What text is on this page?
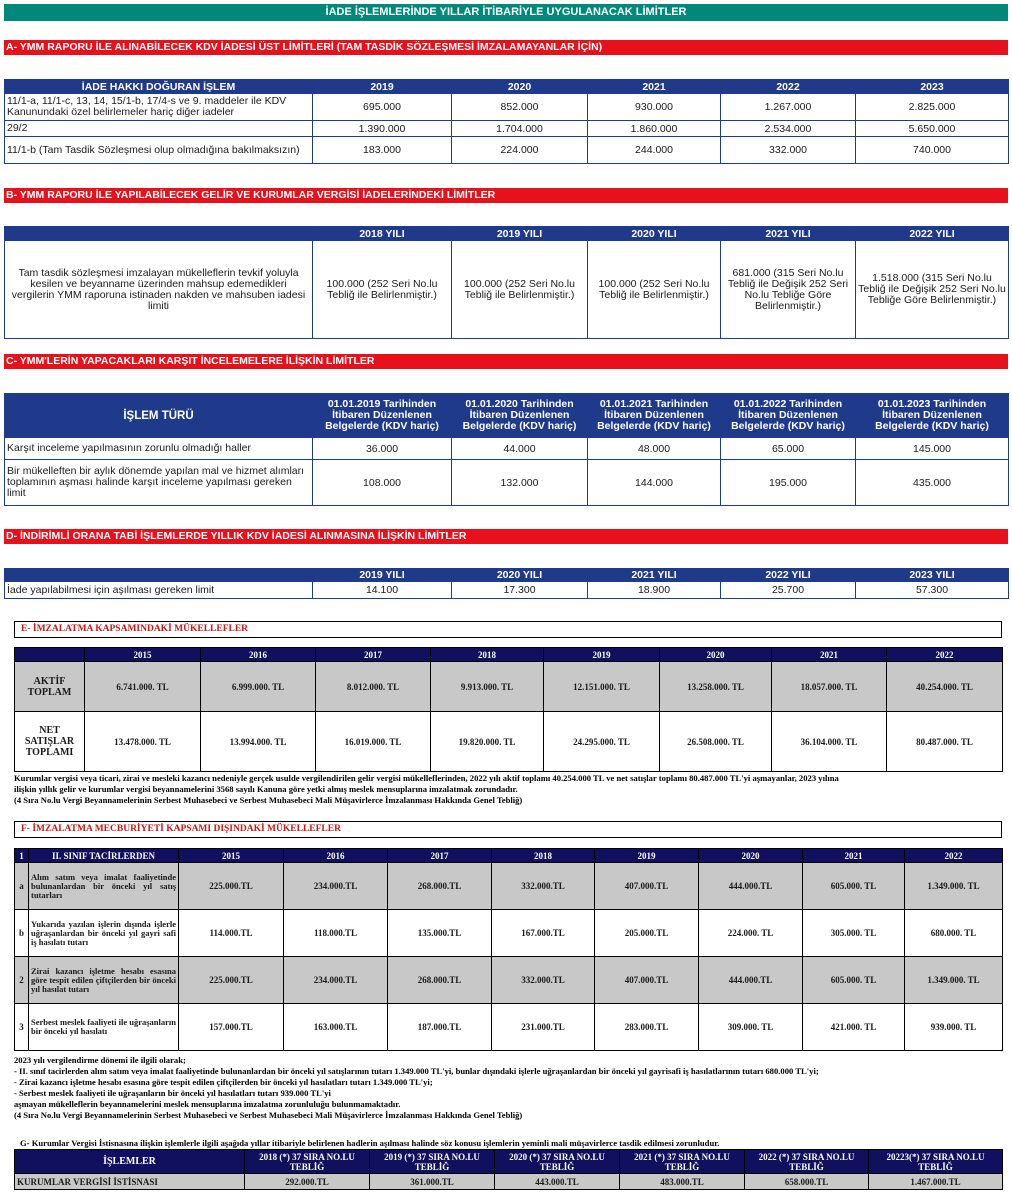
İADE İŞLEMLERİNDE YILLAR İTİBARİYLE UYGULANACAK LİMİTLER
A- YMM RAPORU İLE ALINABİLECEK KDV İADESİ ÜST LİMİTLERİ (TAM TASDİK SÖZLEŞMESİ İMZALAMAYANLAR İÇİN)
İADE HAKKI DOĞURAN İŞLEM	2019	2020	2021	2022	2023
11/1-a, 11/1-c, 13, 14, 15/1-b, 17/4-s ve 9. maddeler ile KDV Kanunundaki özel belirlemeler hariç diğer iadeler	695.000	852.000	930.000	1.267.000	2.825.000
29/2	1.390.000	1.704.000	1.860.000	2.534.000	5.650.000
11/1-b (Tam Tasdik Sözleşmesi olup olmadığına bakılmaksızın)	183.000	224.000	244.000	332.000	740.000
B- YMM RAPORU İLE YAPILABİLECEK GELİR VE KURUMLAR VERGİSİ İADELERİNDEKİ LİMİTLER
	2018 YILI	2019 YILI	2020 YILI	2021 YILI	2022 YILI
Tam tasdik sözleşmesi imzalayan mükelleflerin tevkif yoluyla kesilen ve beyanname üzerinden mahsup edemedikleri vergilerin YMM raporuna istinaden nakden ve mahsuben iadesi limiti	100.000 (252 Seri No.lu Tebliğ ile Belirlenmiştir.)	100.000 (252 Seri No.lu Tebliğ ile Belirlenmiştir.)	100.000 (252 Seri No.lu Tebliğ ile Belirlenmiştir.)	681.000 (315 Seri No.lu Tebliğ ile Değişik 252 Seri No.lu Tebliğe Göre Belirlenmiştir.)	1.518.000 (315 Seri No.lu Tebliğ ile Değişik 252 Seri No.lu Tebliğe Göre Belirlenmiştir.)
C- YMM'LERİN YAPACAKLARI KARŞIT İNCELEMELERE İLİŞKİN LİMİTLER
İŞLEM TÜRÜ	01.01.2019 Tarihinden İtibaren Düzenlenen Belgelerde (KDV hariç)	01.01.2020 Tarihinden İtibaren Düzenlenen Belgelerde (KDV hariç)	01.01.2021 Tarihinden İtibaren Düzenlenen Belgelerde (KDV hariç)	01.01.2022 Tarihinden İtibaren Düzenlenen Belgelerde (KDV hariç)	01.01.2023 Tarihinden İtibaren Düzenlenen Belgelerde (KDV hariç)
Karşıt inceleme yapılmasının zorunlu olmadığı haller	36.000	44.000	48.000	65.000	145.000
Bir mükelleften bir aylık dönemde yapılan mal ve hizmet alımları toplamının aşması halinde karşıt inceleme yapılması gereken limit	108.000	132.000	144.000	195.000	435.000
D- İNDİRİMLİ ORANA TABİ İŞLEMLERDE YILLIK KDV İADESİ ALINMASINA İLİŞKİN LİMİTLER
	2019 YILI	2020 YILI	2021 YILI	2022 YILI	2023 YILI
İade yapılabilmesi için aşılması gereken limit	14.100	17.300	18.900	25.700	57.300
E- İMZALATMA KAPSAMINDAKİ MÜKELLEFLER
	2015	2016	2017	2018	2019	2020	2021	2022
AKTİF TOPLAM	6.741.000. TL	6.999.000. TL	8.012.000. TL	9.913.000. TL	12.151.000. TL	13.258.000. TL	18.057.000. TL	40.254.000. TL
NET SATIŞLAR TOPLAMI	13.478.000. TL	13.994.000. TL	16.019.000. TL	19.820.000. TL	24.295.000. TL	26.508.000. TL	36.104.000. TL	80.487.000. TL
Kurumlar vergisi veya ticari, zirai ve mesleki kazancı nedeniyle gerçek usulde vergilendirilen gelir vergisi mükelleflerinden, 2022 yılı aktif toplamı 40.254.000 TL ve net satışlar toplamı 80.487.000 TL'yi aşmayanlar, 2023 yılına
ilişkin yıllık gelir ve kurumlar vergisi beyannamelerini 3568 sayılı Kanuna göre yetki almış meslek mensuplarına imzalatmak zorundadır.
(4 Sıra No.lu Vergi Beyannamelerinin Serbest Muhasebeci ve Serbest Muhasebeci Mali Müşavirlerce İmzalanması Hakkında Genel Tebliğ)
F- İMZALATMA MECBURİYETİ KAPSAMI DIŞINDAKİ MÜKELLEFLER
1	II. SINIF TACİRLERDEN	2015	2016	2017	2018	2019	2020	2021	2022
a	Alım satım veya imalat faaliyetinde bulunanlardan bir önceki yıl satış tutarları	225.000.TL	234.000.TL	268.000.TL	332.000.TL	407.000.TL	444.000.TL	605.000. TL	1.349.000. TL
b	Yukarıda yazılan işlerin dışında işlerle uğraşanlardan bir önceki yıl gayri safi iş hasılatı tutarı	114.000.TL	118.000.TL	135.000.TL	167.000.TL	205.000.TL	224.000. TL	305.000. TL	680.000. TL
2	Zirai kazancı işletme hesabı esasına göre tespit edilen çiftçilerden bir önceki yıl hasılat tutarı	225.000.TL	234.000.TL	268.000.TL	332.000.TL	407.000.TL	444.000.TL	605.000. TL	1.349.000. TL
3	Serbest meslek faaliyeti ile uğraşanların bir önceki yıl hasılatı	157.000.TL	163.000.TL	187.000.TL	231.000.TL	283.000.TL	309.000. TL	421.000. TL	939.000. TL
2023 yılı vergilendirme dönemi ile ilgili olarak;
- II. sınıf tacirlerden alım satım veya imalat faaliyetinde bulunanlardan bir önceki yıl satışlarının tutarı 1.349.000 TL'yi, bunlar dışındaki işlerle uğraşanlardan bir önceki yıl gayrisafi iş hasılatlarının tutarı 680.000 TL'yi;
- Zirai kazancı işletme hesabı esasına göre tespit edilen çiftçilerden bir önceki yıl hasılatları tutarı 1.349.000 TL'yi;
- Serbest meslek faaliyeti ile uğraşanların bir önceki yıl hasılatları tutarı 939.000 TL'yi
aşmayan mükelleflerin beyannamelerini meslek mensuplarına imzalatma zorunluluğu bulunmamaktadır.
(4 Sıra No.lu Vergi Beyannamelerinin Serbest Muhasebeci ve Serbest Muhasebeci Mali Müşavirlerce İmzalanması Hakkında Genel Tebliğ)
G- Kurumlar Vergisi İstisnasına ilişkin işlemlerle ilgili aşağıda yıllar itibariyle belirlenen hadlerin aşılması halinde söz konusu işlemlerin yeminli mali müşavirlerce tasdik edilmesi zorunludur.
İŞLEMLER	2018 (*) 37 SIRA NO.LU TEBLİĞ	2019 (*) 37 SIRA NO.LU TEBLİĞ	2020 (*) 37 SIRA NO.LU TEBLİĞ	2021 (*) 37 SIRA NO.LU TEBLİĞ	2022 (*) 37 SIRA NO.LU TEBLİĞ	20223(*) 37 SIRA NO.LU TEBLİĞ
KURUMLAR VERGİSİ İSTİSNASI	292.000.TL	361.000.TL	443.000.TL	483.000.TL	658.000.TL	1.467.000.TL
